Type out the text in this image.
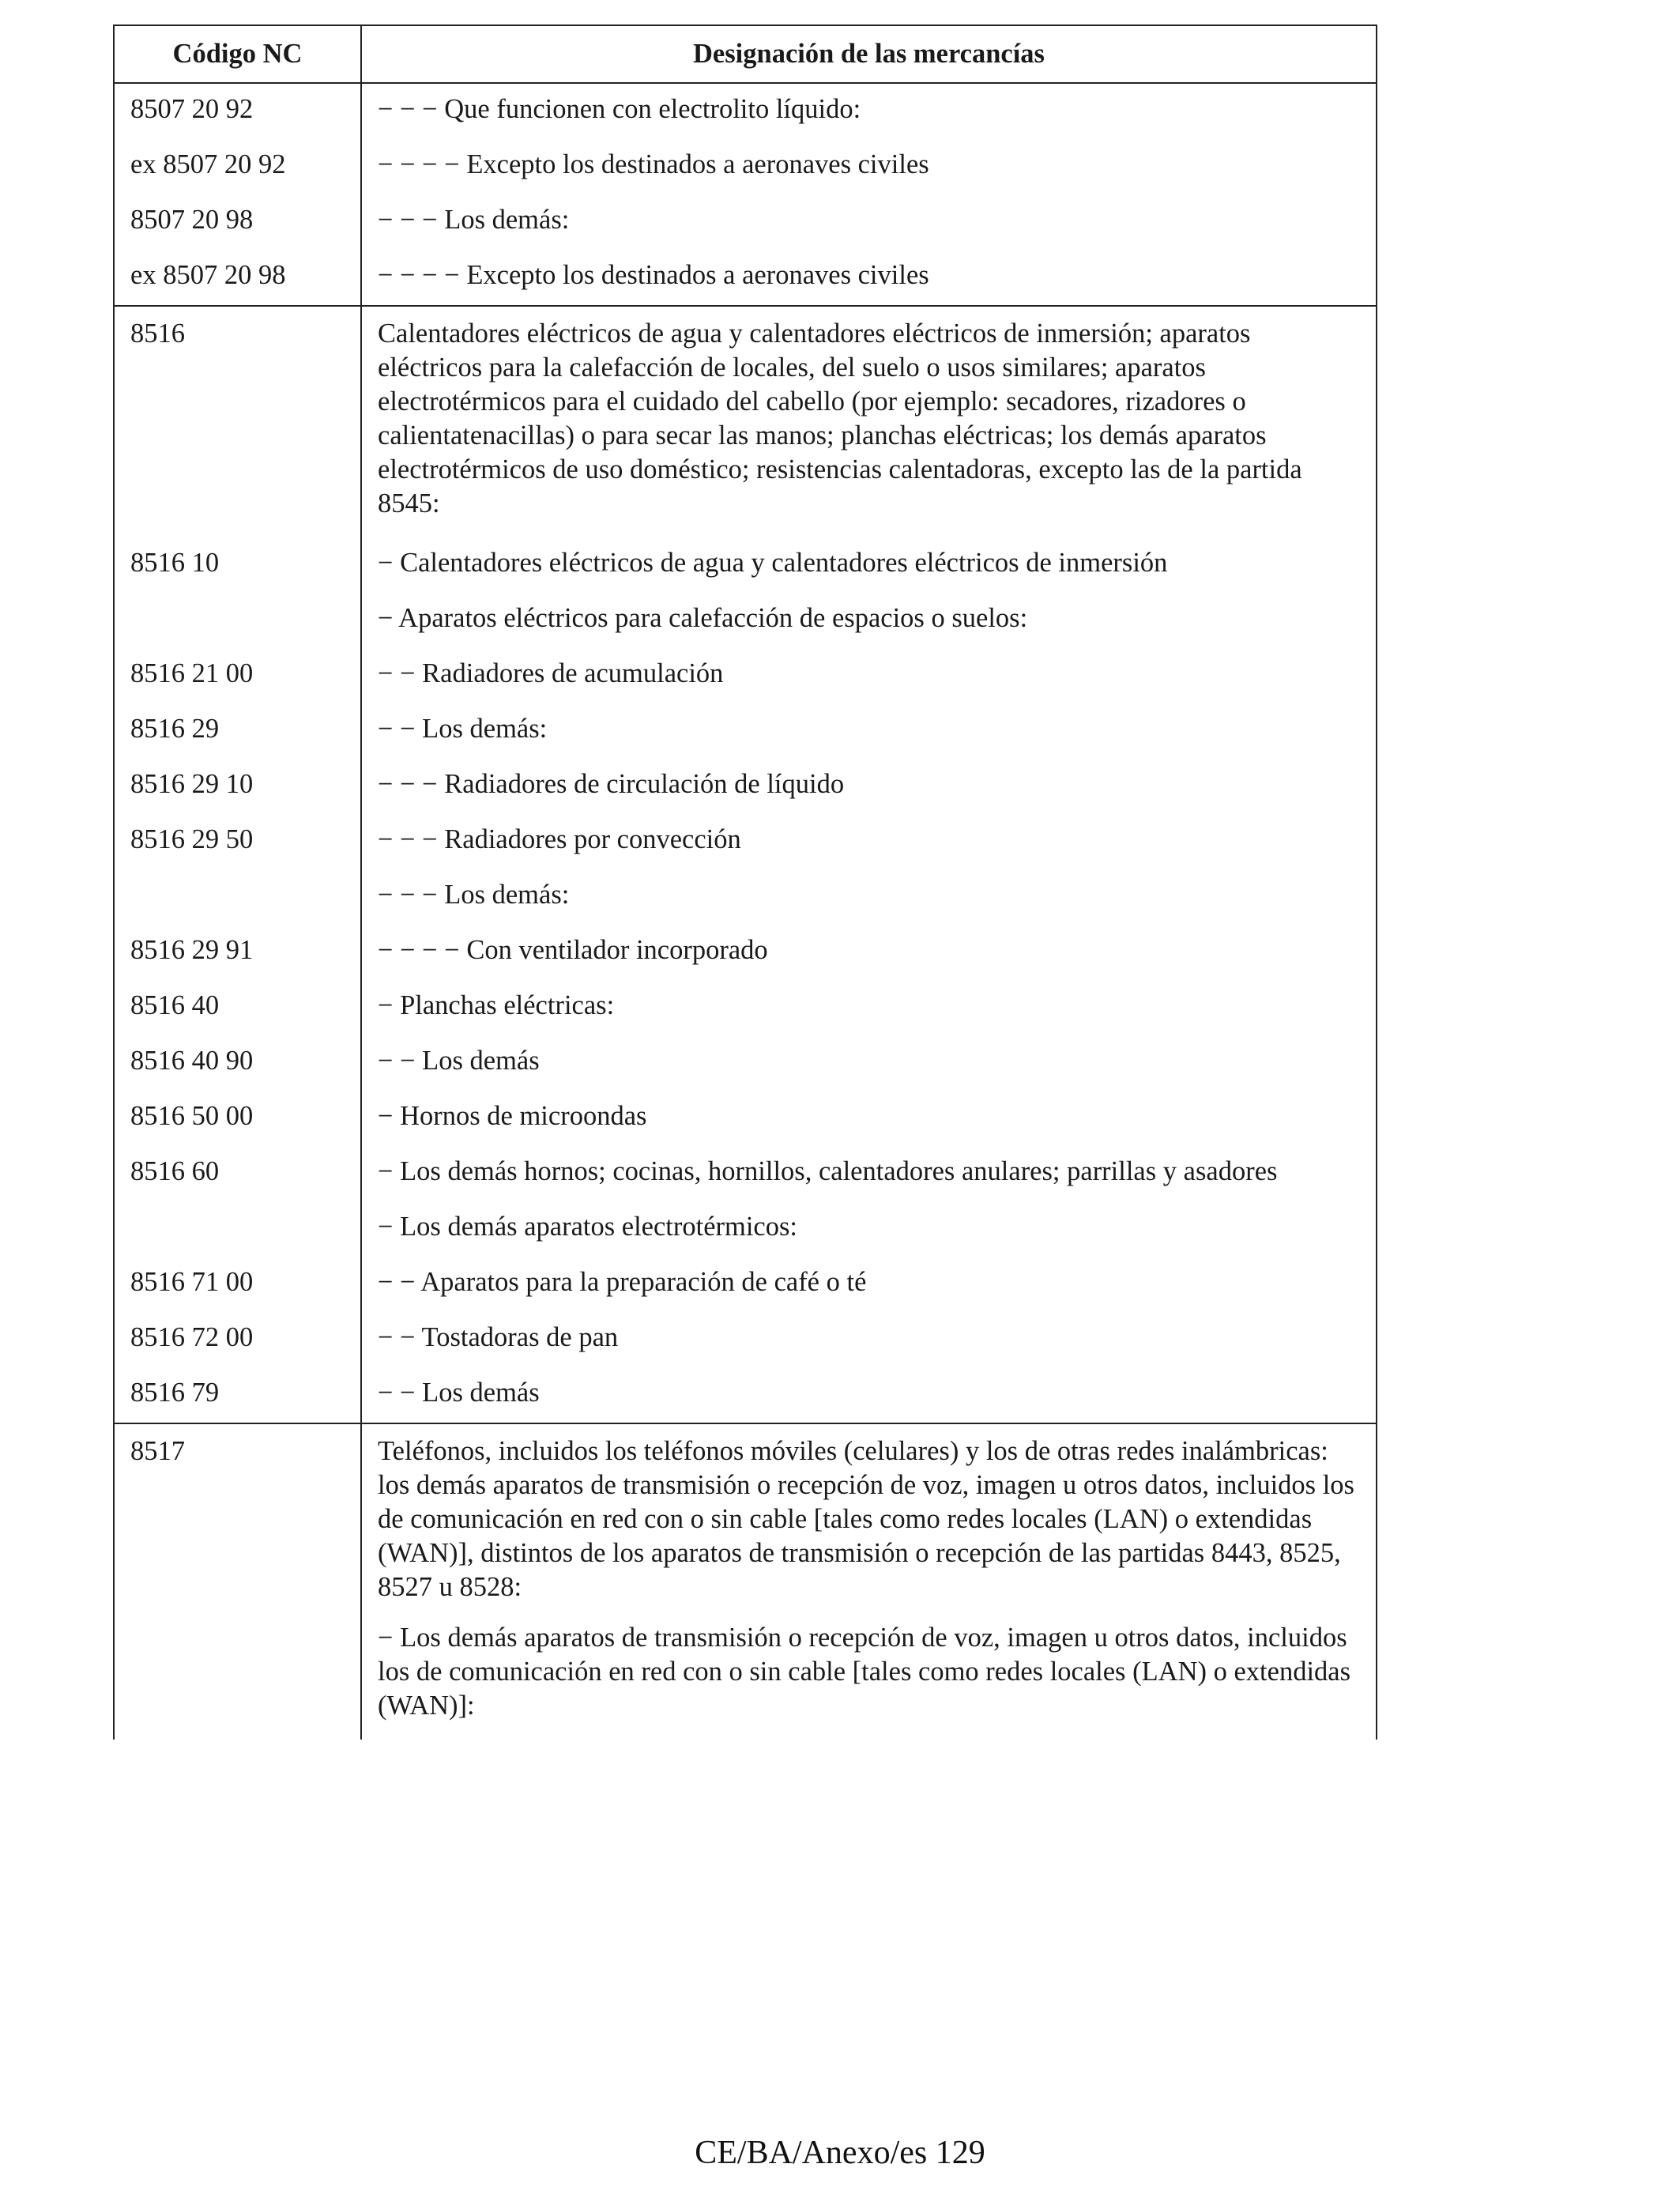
Código NC	Designación de las mercancías
8507 20 92	− − − Que funcionen con electrolito líquido:
ex 8507 20 92	− − − − Excepto los destinados a aeronaves civiles
8507 20 98	− − − Los demás:
ex 8507 20 98	− − − − Excepto los destinados a aeronaves civiles

8516	Calentadores eléctricos de agua y calentadores eléctricos de inmersión; aparatos eléctricos para la calefacción de locales, del suelo o usos similares; aparatos electrotérmicos para el cuidado del cabello (por ejemplo: secadores, rizadores o calientatenacillas) o para secar las manos; planchas eléctricas; los demás aparatos electrotérmicos de uso doméstico; resistencias calentadoras, excepto las de la partida 8545:

8516 10	− Calentadores eléctricos de agua y calentadores eléctricos de inmersión
	− Aparatos eléctricos para calefacción de espacios o suelos:
8516 21 00	− − Radiadores de acumulación
8516 29	− − Los demás:
8516 29 10	− − − Radiadores de circulación de líquido
8516 29 50	− − − Radiadores por convección
	− − − Los demás:
8516 29 91	− − − − Con ventilador incorporado
8516 40	− Planchas eléctricas:
8516 40 90	− − Los demás
8516 50 00	− Hornos de microondas
8516 60	− Los demás hornos; cocinas, hornillos, calentadores anulares; parrillas y asadores
	− Los demás aparatos electrotérmicos:
8516 71 00	− − Aparatos para la preparación de café o té
8516 72 00	− − Tostadoras de pan
8516 79	− − Los demás

8517	Teléfonos, incluidos los teléfonos móviles (celulares) y los de otras redes inalámbricas: los demás aparatos de transmisión o recepción de voz, imagen u otros datos, incluidos los de comunicación en red con o sin cable [tales como redes locales (LAN) o extendidas (WAN)], distintos de los aparatos de transmisión o recepción de las partidas 8443, 8525, 8527 u 8528:

	− Los demás aparatos de transmisión o recepción de voz, imagen u otros datos, incluidos los de comunicación en red con o sin cable [tales como redes locales (LAN) o extendidas (WAN)]:
CE/BA/Anexo/es 129
